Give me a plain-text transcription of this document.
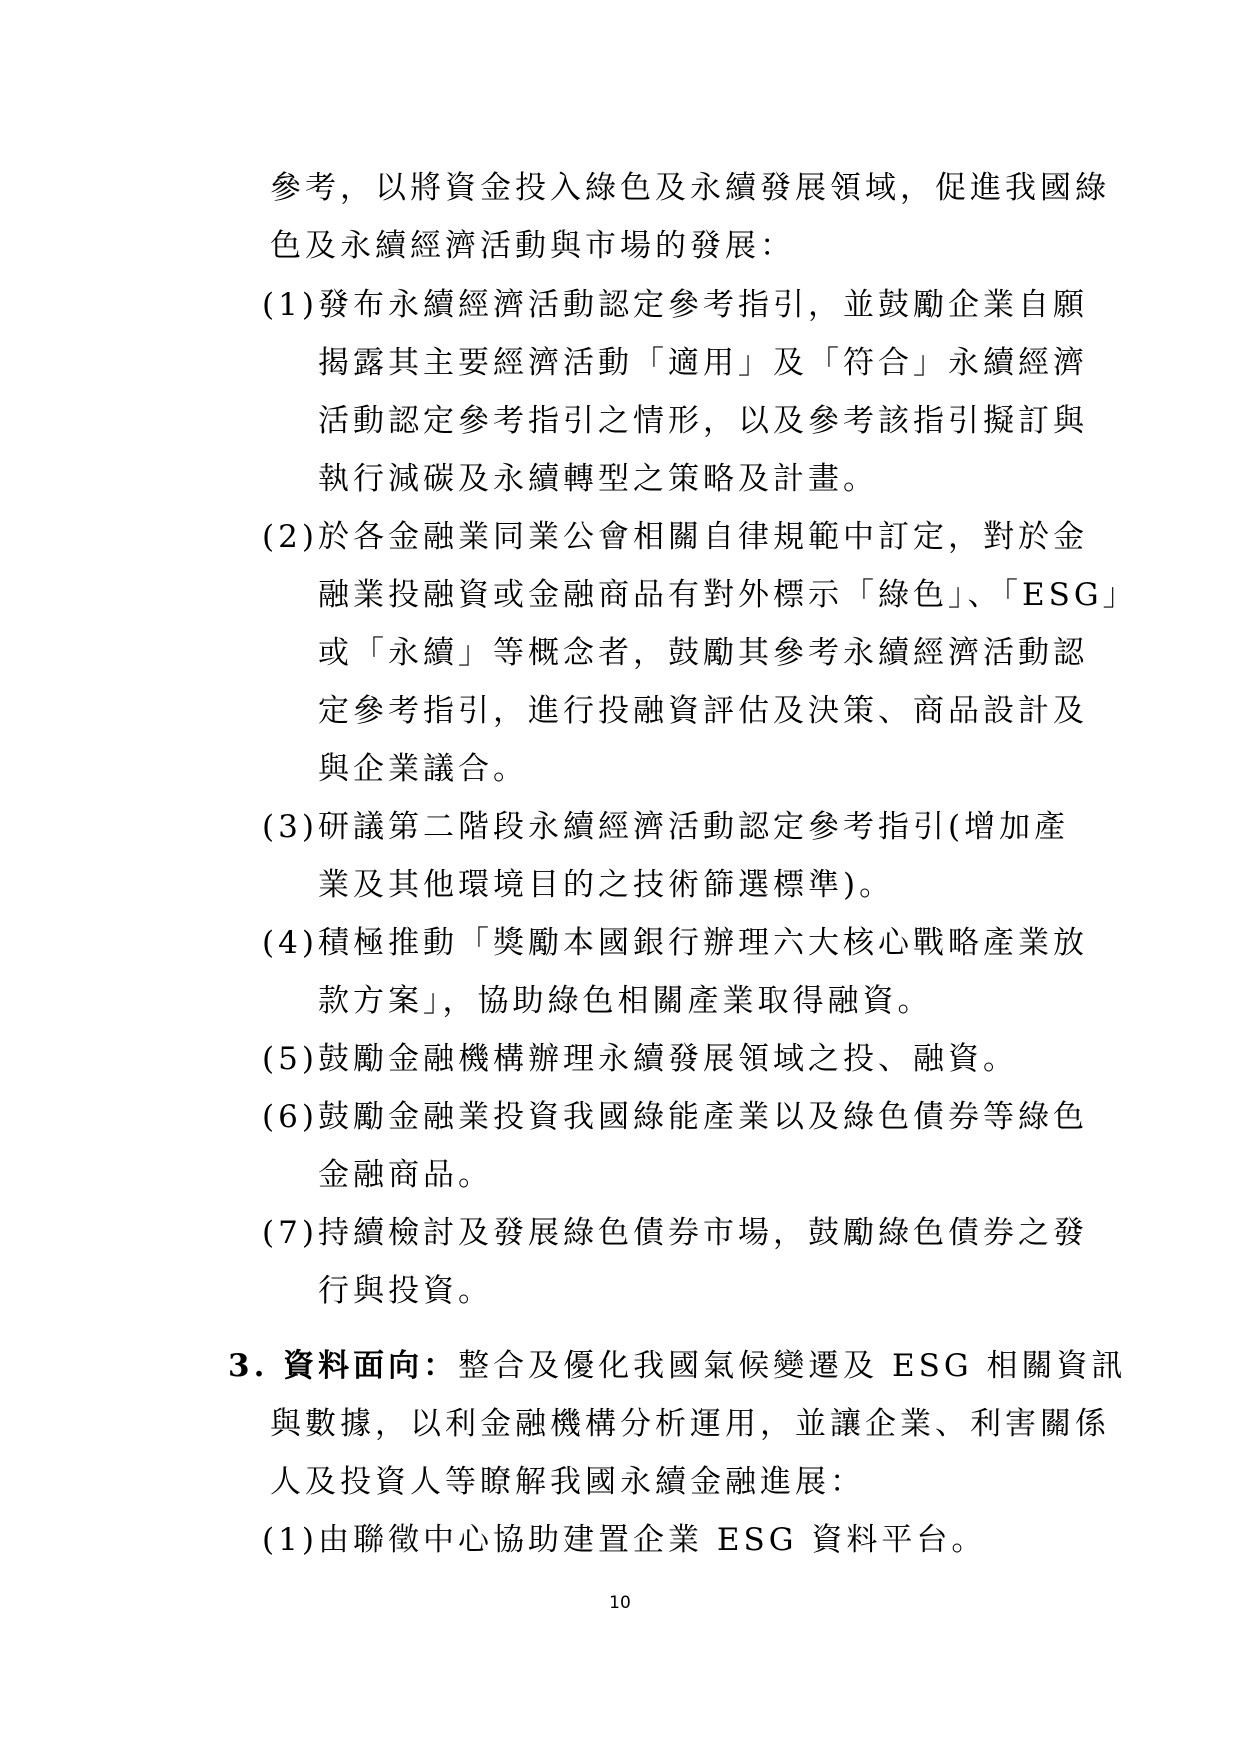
參考，以將資金投入綠色及永續發展領域，促進我國綠
色及永續經濟活動與市場的發展：
(1) 發布永續經濟活動認定參考指引，並鼓勵企業自願
揭露其主要經濟活動「適用」及「符合」永續經濟
活動認定參考指引之情形，以及參考該指引擬訂與
執行減碳及永續轉型之策略及計畫。
(2) 於各金融業同業公會相關自律規範中訂定，對於金
融業投融資或金融商品有對外標示「綠色」、「ESG」
或「永續」等概念者，鼓勵其參考永續經濟活動認
定參考指引，進行投融資評估及決策、商品設計及
與企業議合。
(3) 研議第二階段永續經濟活動認定參考指引(增加產
業及其他環境目的之技術篩選標準)。
(4) 積極推動「獎勵本國銀行辦理六大核心戰略產業放
款方案」，協助綠色相關產業取得融資。
(5) 鼓勵金融機構辦理永續發展領域之投、融資。
(6) 鼓勵金融業投資我國綠能產業以及綠色債券等綠色
金融商品。
(7) 持續檢討及發展綠色債券市場，鼓勵綠色債券之發
行與投資。
3. 資料面向：整合及優化我國氣候變遷及 ESG 相關資訊
與數據，以利金融機構分析運用，並讓企業、利害關係
人及投資人等瞭解我國永續金融進展：
(1) 由聯徵中心協助建置企業 ESG 資料平台。
10
